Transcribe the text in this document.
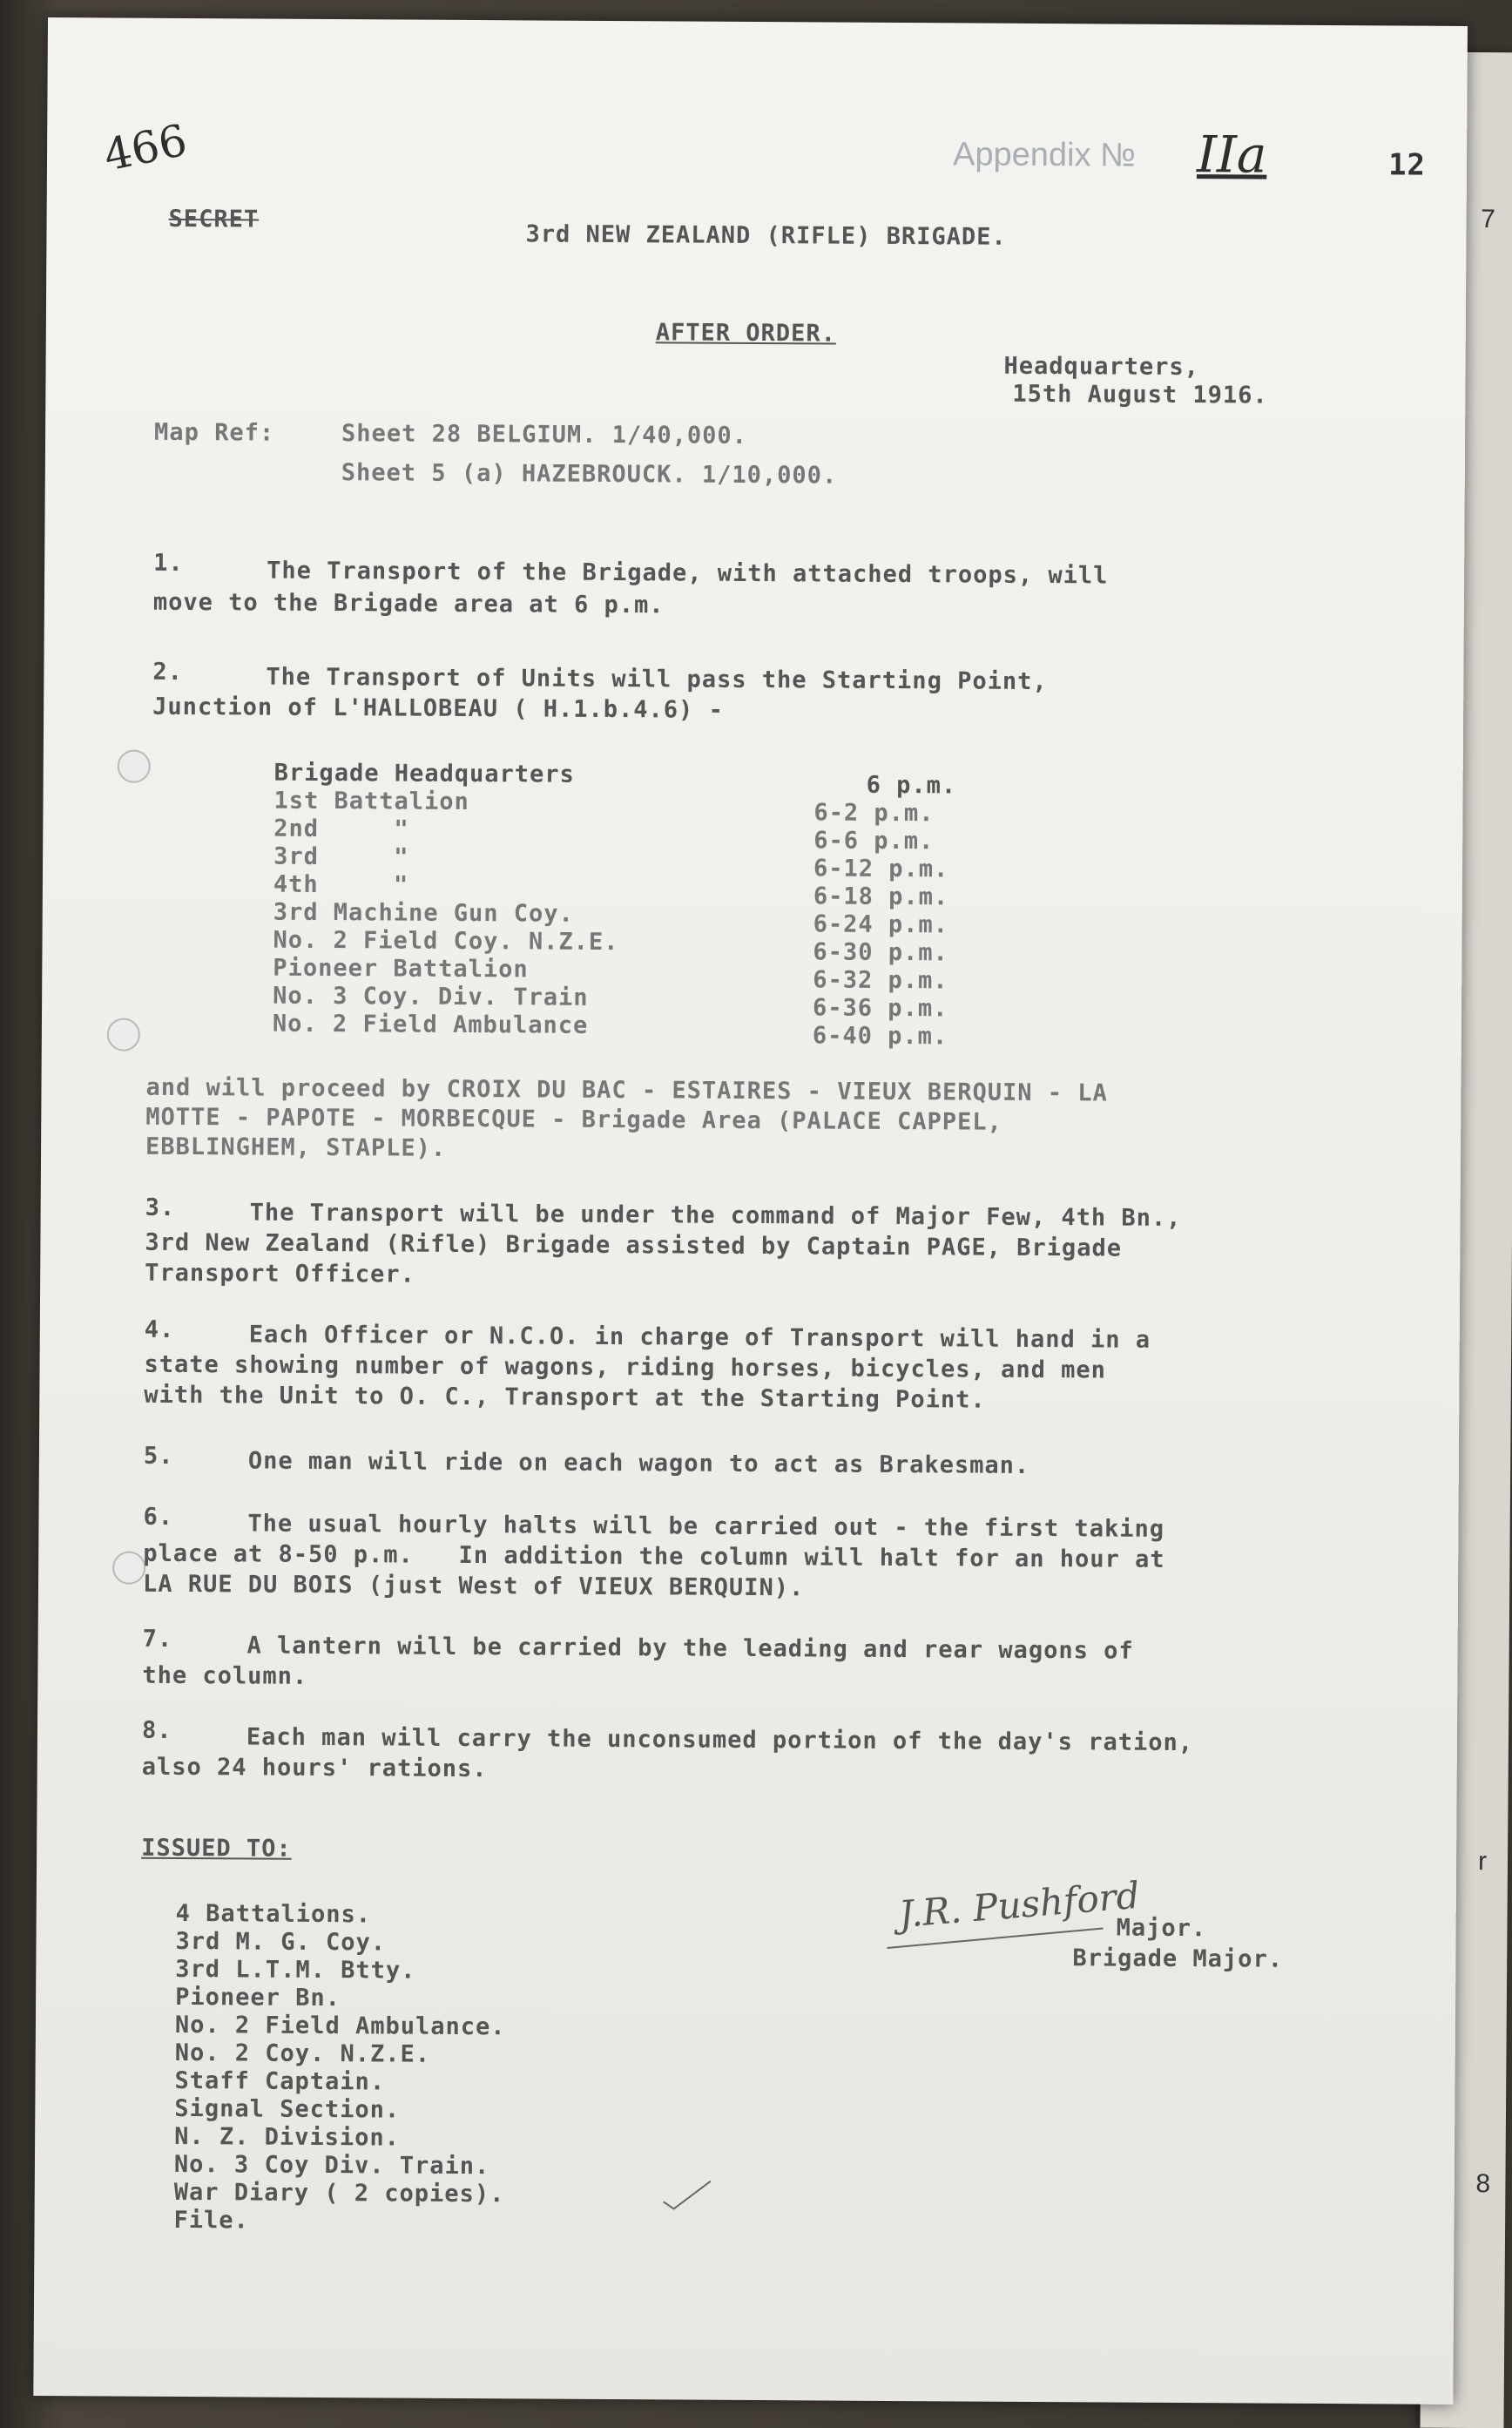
7
8
r
466	Appendix № IIa	12
SECRET
3rd NEW ZEALAND (RIFLE) BRIGADE.
AFTER ORDER.
Headquarters,
15th August 1916.
Map Ref:	Sheet 28 BELGIUM. 1/40,000.
Sheet 5 (a) HAZEBROUCK. 1/10,000.
1.	The Transport of the Brigade, with attached troops, will
move to the Brigade area at 6 p.m.
2.	The Transport of Units will pass the Starting Point,
Junction of L'HALLOBEAU ( H.1.b.4.6) -
Brigade Headquarters	6 p.m.
1st Battalion	6-2 p.m.
2nd     "	6-6 p.m.
3rd     "	6-12 p.m.
4th     "	6-18 p.m.
3rd Machine Gun Coy.	6-24 p.m.
No. 2 Field Coy. N.Z.E.	6-30 p.m.
Pioneer Battalion	6-32 p.m.
No. 3 Coy. Div. Train	6-36 p.m.
No. 2 Field Ambulance	6-40 p.m.
and will proceed by CROIX DU BAC - ESTAIRES - VIEUX BERQUIN - LA
MOTTE - PAPOTE - MORBECQUE - Brigade Area (PALACE CAPPEL,
EBBLINGHEM, STAPLE).
3.	The Transport will be under the command of Major Few, 4th Bn.,
3rd New Zealand (Rifle) Brigade assisted by Captain PAGE, Brigade
Transport Officer.
4.	Each Officer or N.C.O. in charge of Transport will hand in a
state showing number of wagons, riding horses, bicycles, and men
with the Unit to O. C., Transport at the Starting Point.
5.	One man will ride on each wagon to act as Brakesman.
6.	The usual hourly halts will be carried out - the first taking
place at 8-50 p.m.   In addition the column will halt for an hour at
LA RUE DU BOIS (just West of VIEUX BERQUIN).
7.	A lantern will be carried by the leading and rear wagons of
the column.
8.	Each man will carry the unconsumed portion of the day's ration,
also 24 hours' rations.
ISSUED TO:
4 Battalions.
3rd M. G. Coy.
3rd L.T.M. Btty.
Pioneer Bn.
No. 2 Field Ambulance.
No. 2 Coy. N.Z.E.
Staff Captain.
Signal Section.
N. Z. Division.
No. 3 Coy Div. Train.
War Diary ( 2 copies).
File.
J.R. Pushford
Major.
Brigade Major.
